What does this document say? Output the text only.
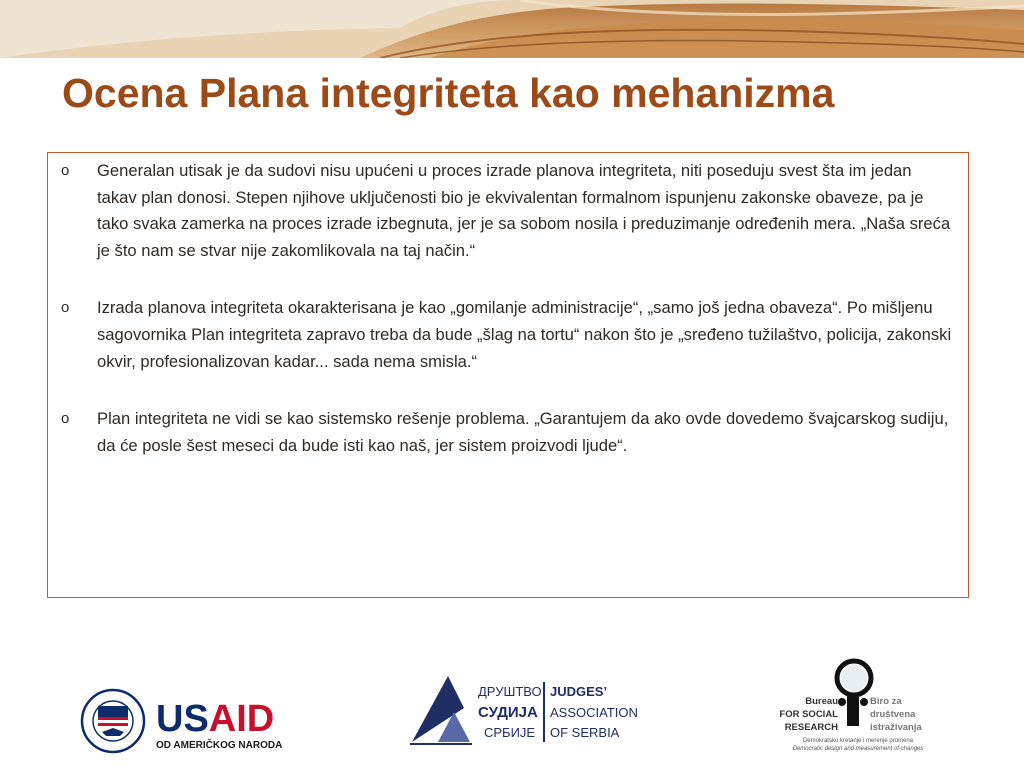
Ocena Plana integriteta kao mehanizma
o Generalan utisak je da sudovi nisu upućeni u proces izrade planova integriteta, niti poseduju svest šta im jedan takav plan donosi. Stepen njihove uključenosti bio je ekvivalentan formalnom ispunjenu zakonske obaveze, pa je tako svaka zamerka na proces izrade izbegnuta, jer je sa sobom nosila i preduzimanje određenih mera. „Naša sreća je što nam se stvar nije zakomlikovala na taj način.“
o Izrada planova integriteta okarakterisana je kao „gomilanje administracije“, „samo još jedna obaveza“. Po mišljenu sagovornika Plan integriteta zapravo treba da bude „šlag na tortu“ nakon što je „sređeno tužilaštvo, policija, zakonski okvir, profesionalizovan kadar... sada nema smisla.“
o Plan integriteta ne vidi se kao sistemsko rešenje problema. „Garantujem da ako ovde dovedemo švajcarskog sudiju, da će posle šest meseci da bude isti kao naš, jer sistem proizvodi ljude“.
USAID
OD AMERIČKOG NARODA
ДРУШТВО
СУДИЈА
СРБИЈЕ
JUDGES’
ASSOCIATION
OF SERBIA
Bureau
FOR SOCIAL
RESEARCH
Biro za
društvena
istraživanja
Demokratsko kretanje i merenje promena
Democratic design and measurement of changes
